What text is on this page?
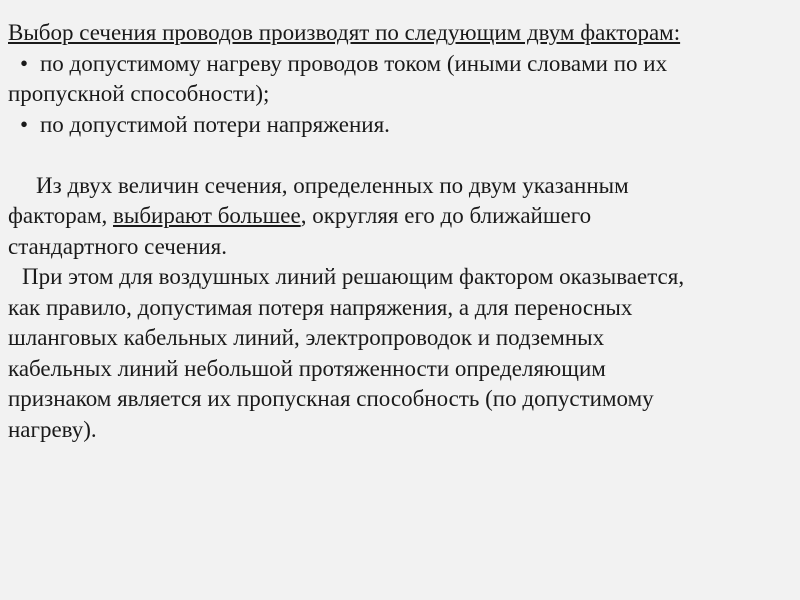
Выбор сечения проводов производят по следующим двум факторам:
• по допустимому нагреву проводов током (иными словами по их
пропускной способности);
• по допустимой потери напряжения.
Из двух величин сечения, определенных по двум указанным
факторам, выбирают большее, округляя его до ближайшего
стандартного сечения.
При этом для воздушных линий решающим фактором оказывается,
как правило, допустимая потеря напряжения, а для переносных
шланговых кабельных линий, электропроводок и подземных
кабельных линий небольшой протяженности определяющим
признаком является их пропускная способность (по допустимому
нагреву).
